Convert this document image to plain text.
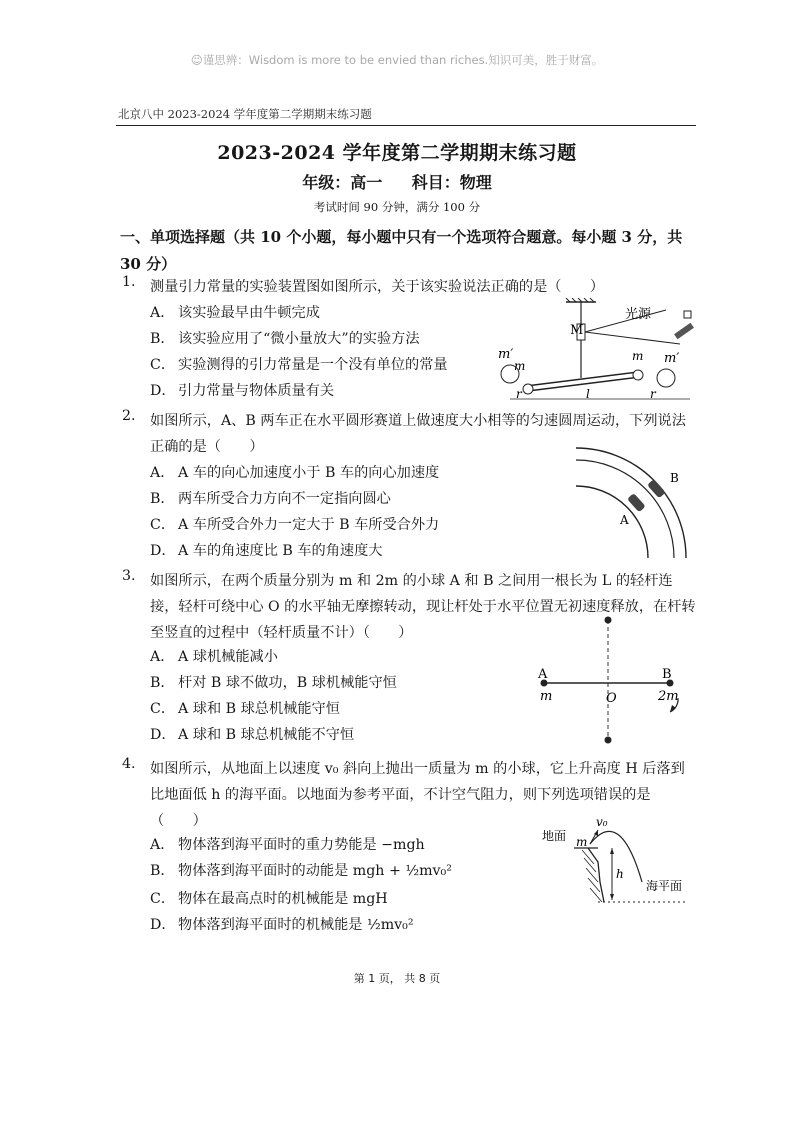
☺谨思辨：Wisdom is more to be envied than riches.知识可美，胜于财富。
北京八中 2023-2024 学年度第二学期期末练习题
2023-2024 学年度第二学期期末练习题
年级：高一 科目：物理
考试时间 90 分钟，满分 100 分
一、单项选择题（共 10 个小题，每小题中只有一个选项符合题意。每小题 3 分，共 30 分）
1. 测量引力常量的实验装置图如图所示，关于该实验说法正确的是（　　）
A． 该实验最早由牛顿完成
B． 该实验应用了“微小量放大”的实验方法
C． 实验测得的引力常量是一个没有单位的常量
D． 引力常量与物体质量有关
M
光源
m′
m
m m′
r	l	r
2. 如图所示，A、B 两车正在水平圆形赛道上做速度大小相等的匀速圆周运动，下列说法正确的是（　　）
A． A 车的向心加速度小于 B 车的向心加速度
B． 两车所受合力方向不一定指向圆心
C． A 车所受合外力一定大于 B 车所受合外力
D． A 车的角速度比 B 车的角速度大
B
A
3. 如图所示，在两个质量分别为 m 和 2m 的小球 A 和 B 之间用一根长为 L 的轻杆连接，轻杆可绕中心 O 的水平轴无摩擦转动，现让杆处于水平位置无初速度释放，在杆转至竖直的过程中（轻杆质量不计）（　　）
A． A 球机械能减小
B． 杆对 B 球不做功，B 球机械能守恒
C． A 球和 B 球总机械能守恒
D． A 球和 B 球总机械能不守恒
A	B
O
m	2m
4. 如图所示，从地面上以速度 v₀ 斜向上抛出一质量为 m 的小球，它上升高度 H 后落到比地面低 h 的海平面。以地面为参考平面，不计空气阻力，则下列选项错误的是（　　）
A． 物体落到海平面时的重力势能是 −mgh
B． 物体落到海平面时的动能是 mgh + ½mv₀²
C． 物体在最高点时的机械能是 mgH
D． 物体落到海平面时的机械能是 ½mv₀²
地面
海平面
v₀
m
h
第 1 页， 共 8 页
